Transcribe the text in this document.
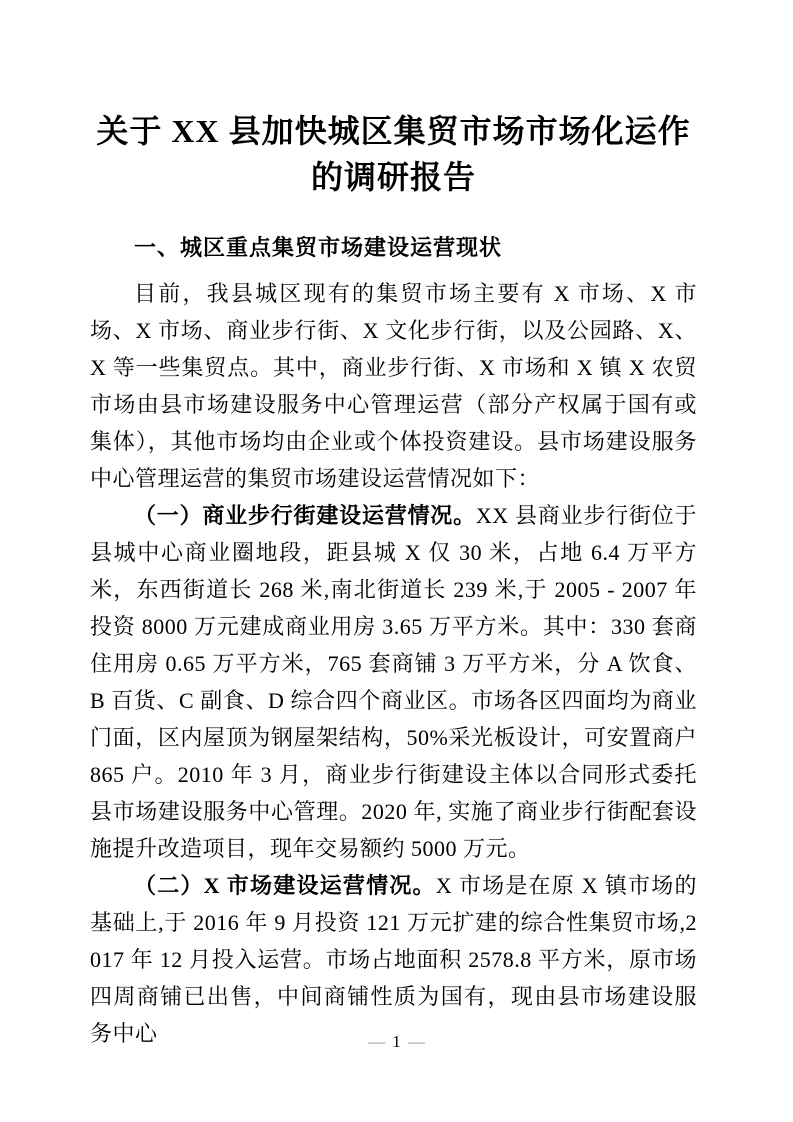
关于 XX 县加快城区集贸市场市场化运作
的调研报告
一、城区重点集贸市场建设运营现状

目前，我县城区现有的集贸市场主要有 X 市场、X 市场、X 市场、商业步行街、X 文化步行街，以及公园路、X、X 等一些集贸点。其中，商业步行街、X 市场和 X 镇 X 农贸市场由县市场建设服务中心管理运营（部分产权属于国有或集体），其他市场均由企业或个体投资建设。县市场建设服务中心管理运营的集贸市场建设运营情况如下：

（一）商业步行街建设运营情况。XX 县商业步行街位于县城中心商业圈地段，距县城 X 仅 30 米，占地 6.4 万平方米，东西街道长 268 米,南北街道长 239 米,于 2005 - 2007 年投资 8000 万元建成商业用房 3.65 万平方米。其中：330 套商住用房 0.65 万平方米，765 套商铺 3 万平方米，分 A 饮食、B 百货、C 副食、D 综合四个商业区。市场各区四面均为商业门面，区内屋顶为钢屋架结构，50%采光板设计，可安置商户 865 户。2010 年 3 月，商业步行街建设主体以合同形式委托县市场建设服务中心管理。2020 年, 实施了商业步行街配套设施提升改造项目，现年交易额约 5000 万元。

（二）X 市场建设运营情况。X 市场是在原 X 镇市场的基础上,于 2016 年 9 月投资 121 万元扩建的综合性集贸市场,2017 年 12 月投入运营。市场占地面积 2578.8 平方米，原市场四周商铺已出售，中间商铺性质为国有，现由县市场建设服务中心	— 1 —
